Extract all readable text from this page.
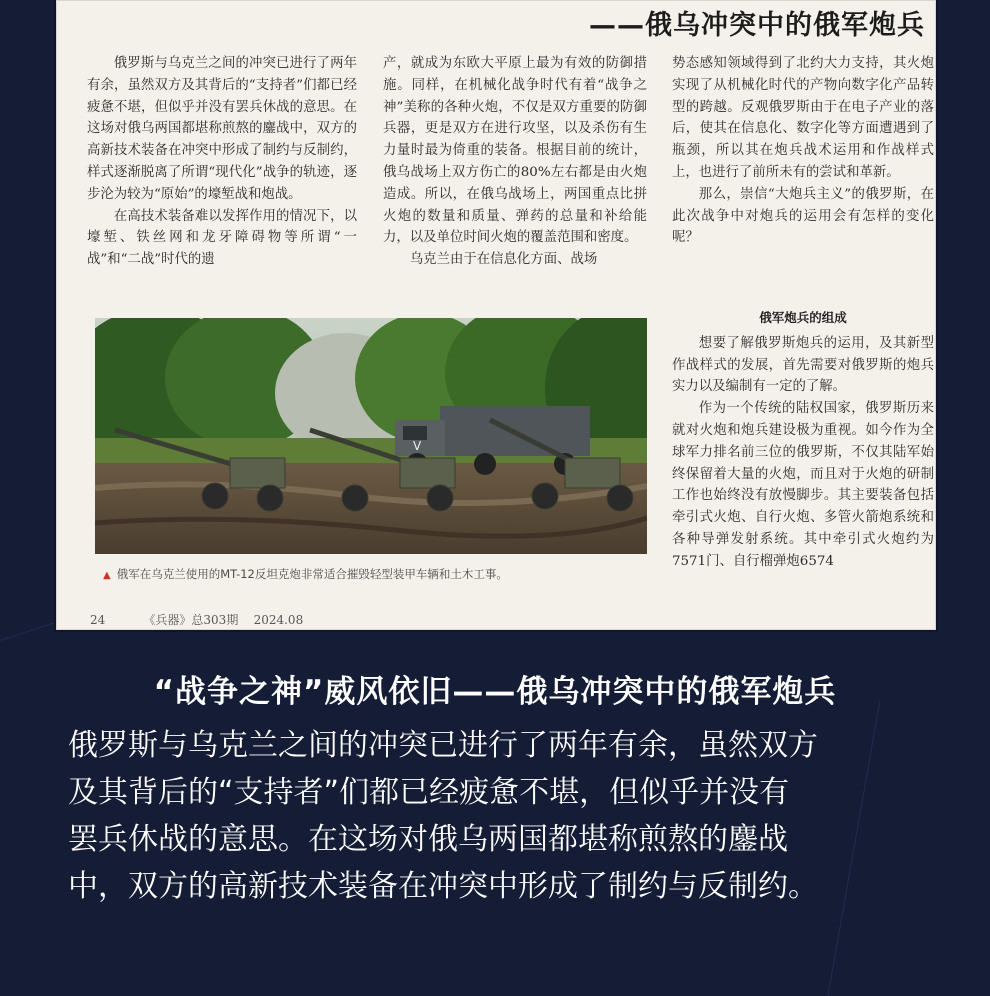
——俄乌冲突中的俄军炮兵

俄罗斯与乌克兰之间的冲突已进行了两年有余，虽然双方及其背后的“支持者”们都已经疲惫不堪，但似乎并没有罢兵休战的意思。在这场对俄乌两国都堪称煎熬的鏖战中，双方的高新技术装备在冲突中形成了制约与反制约，样式逐渐脱离了所谓“现代化”战争的轨迹，逐步沦为较为“原始”的壕堑战和炮战。

在高技术装备难以发挥作用的情况下，以壕堑、铁丝网和龙牙障碍物等所谓“一战”和“二战”时代的遗

产，就成为东欧大平原上最为有效的防御措施。同样，在机械化战争时代有着“战争之神”美称的各种火炮，不仅是双方重要的防御兵器，更是双方在进行攻坚，以及杀伤有生力量时最为倚重的装备。根据目前的统计，俄乌战场上双方伤亡的80%左右都是由火炮造成。所以，在俄乌战场上，两国重点比拼火炮的数量和质量、弹药的总量和补给能力，以及单位时间火炮的覆盖范围和密度。

乌克兰由于在信息化方面、战场

势态感知领域得到了北约大力支持，其火炮实现了从机械化时代的产物向数字化产品转型的跨越。反观俄罗斯由于在电子产业的落后，使其在信息化、数字化等方面遭遇到了瓶颈，所以其在炮兵战术运用和作战样式上，也进行了前所未有的尝试和革新。

那么，崇信“大炮兵主义”的俄罗斯，在此次战争中对炮兵的运用会有怎样的变化呢？

俄军炮兵的组成

想要了解俄罗斯炮兵的运用，及其新型作战样式的发展，首先需要对俄罗斯的炮兵实力以及编制有一定的了解。

作为一个传统的陆权国家，俄罗斯历来就对火炮和炮兵建设极为重视。如今作为全球军力排名前三位的俄罗斯，不仅其陆军始终保留着大量的火炮，而且对于火炮的研制工作也始终没有放慢脚步。其主要装备包括牵引式火炮、自行火炮、多管火箭炮系统和各种导弹发射系统。其中牵引式火炮约为7571门、自行榴弹炮6574

V
▲ 俄军在乌克兰使用的MT-12反坦克炮非常适合摧毁轻型装甲车辆和土木工事。
24          《兵器》总303期    2024.08
“战争之神”威风依旧——俄乌冲突中的俄军炮兵
俄罗斯与乌克兰之间的冲突已进行了两年有余，虽然双方
及其背后的“支持者”们都已经疲惫不堪，但似乎并没有
罢兵休战的意思。在这场对俄乌两国都堪称煎熬的鏖战
中，双方的高新技术装备在冲突中形成了制约与反制约。
